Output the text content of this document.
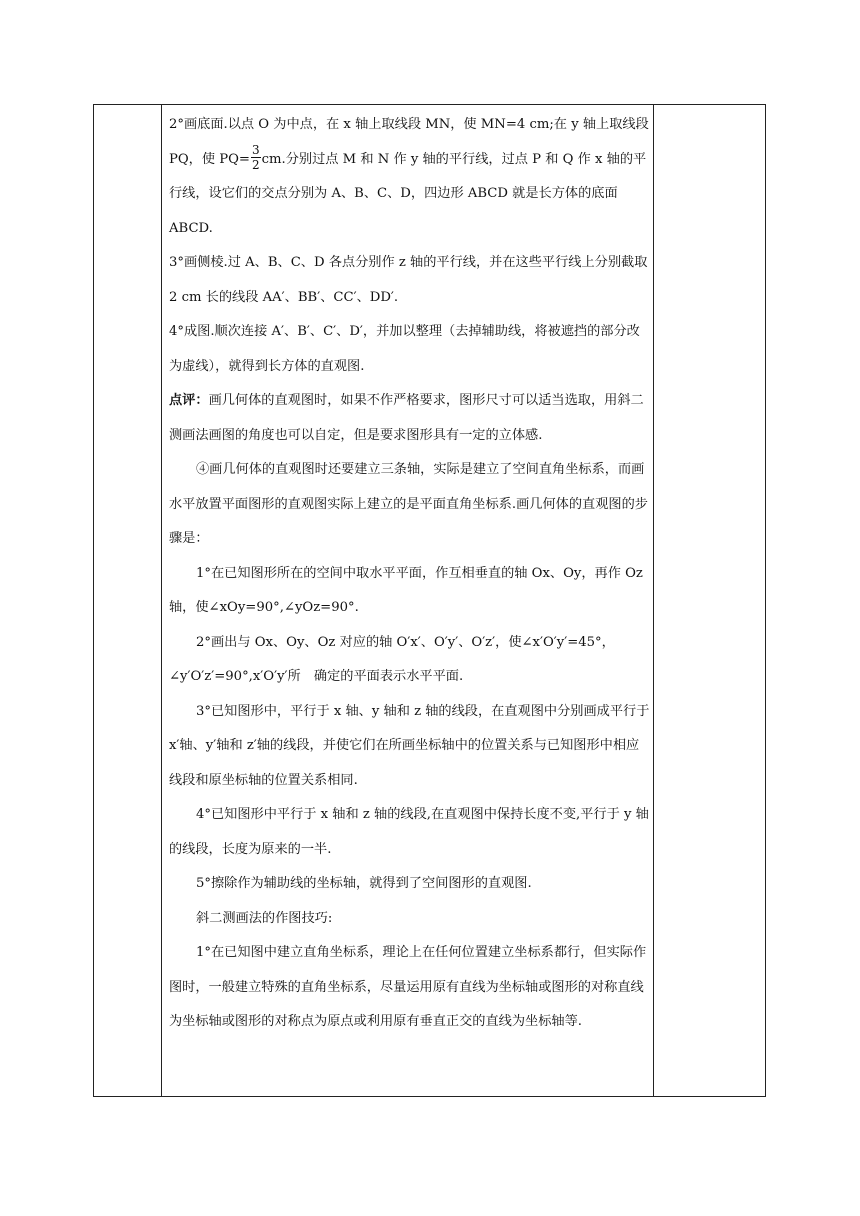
2°画底面.以点 O 为中点，在 x 轴上取线段 MN，使 MN=4 cm;在 y 轴上取线段 PQ，使 $PQ= \frac{3}{2}$ cm.分别过点 M 和 N 作 y 轴的平行线，过点 P 和 Q 作 x 轴的平行线，设它们的交点分别为 A、B、C、D，四边形 ABCD 就是长方体的底面 ABCD.

3°画侧棱.过 A、B、C、D 各点分别作 z 轴的平行线，并在这些平行线上分别截取 2 cm 长的线段 AA′、BB′、CC′、DD′.

4°成图.顺次连接 A′、B′、C′、D′，并加以整理（去掉辅助线，将被遮挡的部分改为虚线），就得到长方体的直观图.

点评：画几何体的直观图时，如果不作严格要求，图形尺寸可以适当选取，用斜二测画法画图的角度也可以自定，但是要求图形具有一定的立体感.

④画几何体的直观图时还要建立三条轴，实际是建立了空间直角坐标系，而画水平放置平面图形的直观图实际上建立的是平面直角坐标系.画几何体的直观图的步骤是：

1°在已知图形所在的空间中取水平平面，作互相垂直的轴 Ox、Oy，再作 Oz 轴，使∠xOy=90°,∠yOz=90°.

2°画出与 Ox、Oy、Oz 对应的轴 O′x′、O′y′、O′z′，使∠x′O′y′=45°，∠y′O′z′=90°,x′O′y′所　确定的平面表示水平平面.

3°已知图形中，平行于 x 轴、y 轴和 z 轴的线段，在直观图中分别画成平行于 x′轴、y′轴和 z′轴的线段，并使它们在所画坐标轴中的位置关系与已知图形中相应线段和原坐标轴的位置关系相同.

4°已知图形中平行于 x 轴和 z 轴的线段,在直观图中保持长度不变,平行于 y 轴的线段，长度为原来的一半.

5°擦除作为辅助线的坐标轴，就得到了空间图形的直观图.

斜二测画法的作图技巧:

1°在已知图中建立直角坐标系，理论上在任何位置建立坐标系都行，但实际作图时，一般建立特殊的直角坐标系，尽量运用原有直线为坐标轴或图形的对称直线为坐标轴或图形的对称点为原点或利用原有垂直正交的直线为坐标轴等.
